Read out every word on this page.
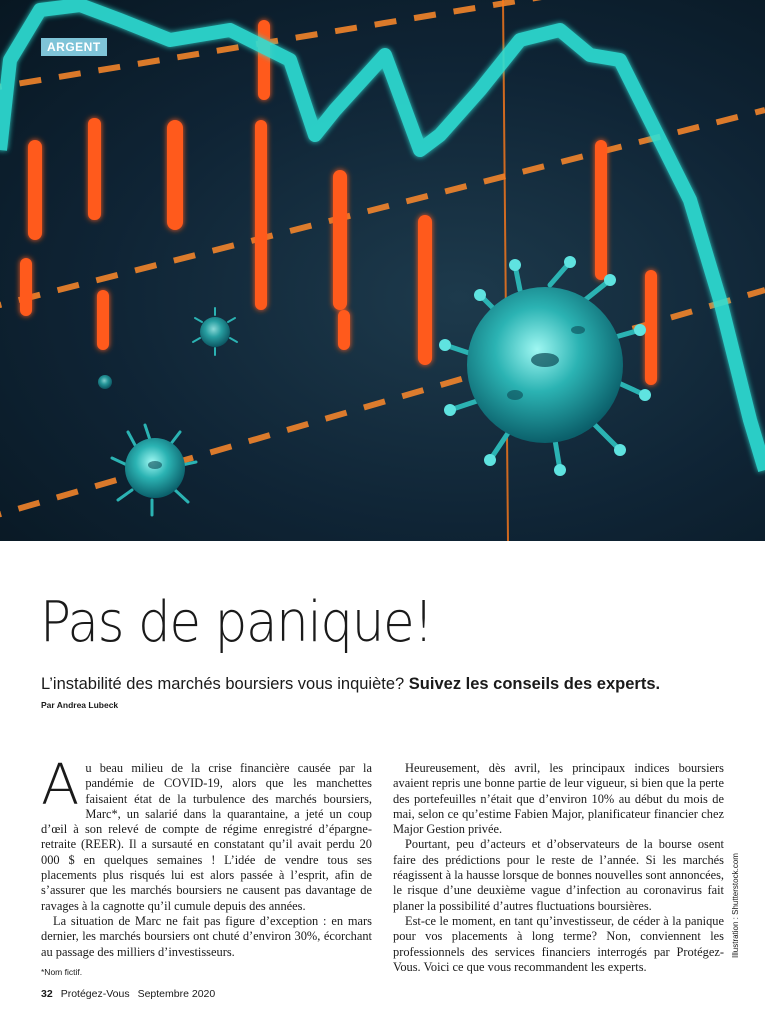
ARGENT
Pas de panique!

L’instabilité des marchés boursiers vous inquiète? Suivez les conseils des experts.

Par Andrea Lubeck

Au beau milieu de la crise financière causée par la pandémie de COVID-19, alors que les manchettes faisaient état de la turbulence des marchés boursiers, Marc*, un salarié dans la quarantaine, a jeté un coup d’œil à son relevé de compte de régime enregistré d’épargne-retraite (REER). Il a sursauté en constatant qu’il avait perdu 20 000 $ en quelques semaines ! L’idée de vendre tous ses placements plus risqués lui est alors passée à l’esprit, afin de s’assurer que les marchés boursiers ne causent pas davantage de ravages à la cagnotte qu’il cumule depuis des années.

La situation de Marc ne fait pas figure d’exception : en mars dernier, les marchés boursiers ont chuté d’environ 30%, écorchant au passage des milliers d’investisseurs.

Heureusement, dès avril, les principaux indices boursiers avaient repris une bonne partie de leur vigueur, si bien que la perte des portefeuilles n’était que d’environ 10% au début du mois de mai, selon ce qu’estime Fabien Major, planificateur financier chez Major Gestion privée.

Pourtant, peu d’acteurs et d’observateurs de la bourse osent faire des prédictions pour le reste de l’année. Si les marchés réagissent à la hausse lorsque de bonnes nouvelles sont annoncées, le risque d’une deuxième vague d’infection au coronavirus fait planer la possibilité d’autres fluctuations boursières.

Est-ce le moment, en tant qu’investisseur, de céder à la panique pour vos placements à long terme? Non, conviennent les professionnels des services financiers interrogés par Protégez-Vous. Voici ce que vous recommandent les experts.

*Nom fictif.
Illustration : Shutterstock.com
32 Protégez-Vous Septembre 2020
